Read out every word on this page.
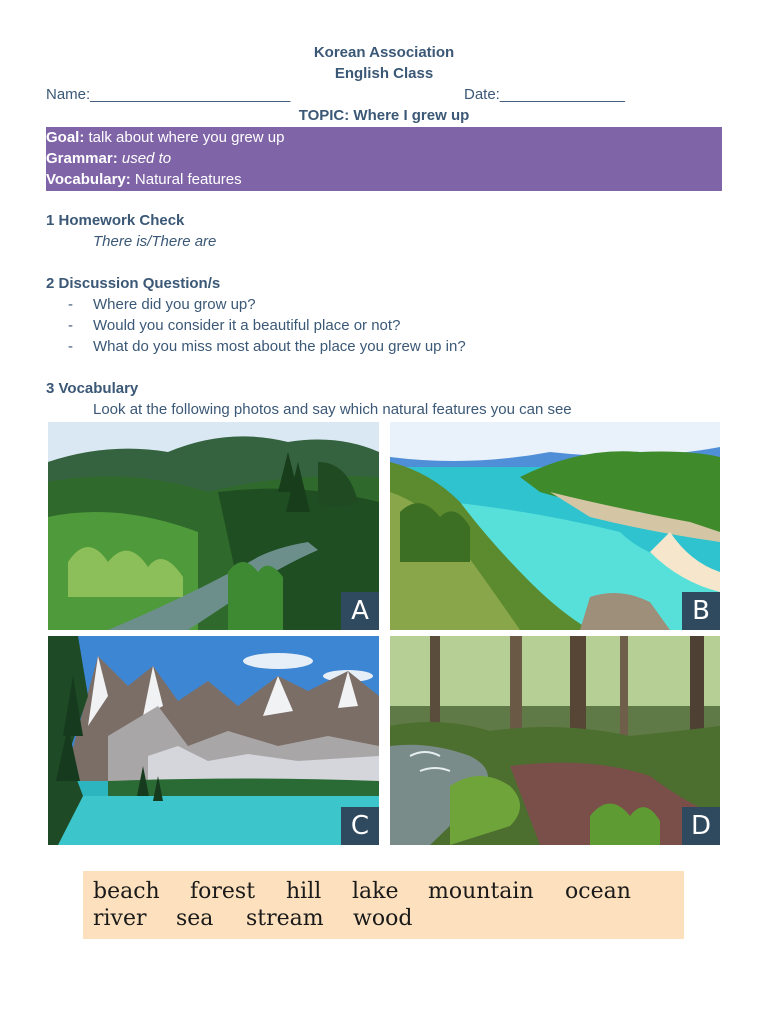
Korean Association
English Class
Name:________________________	Date:_______________
TOPIC: Where I grew up
Goal: talk about where you grew up
Grammar: used to
Vocabulary: Natural features
1 Homework Check
There is/There are
2 Discussion Question/s
- Where did you grow up?
- Would you consider it a beautiful place or not?
- What do you miss most about the place you grew up in?
3 Vocabulary
Look at the following photos and say which natural features you can see
A	B
C	D
beach forest hill lake mountain ocean
river sea stream wood
